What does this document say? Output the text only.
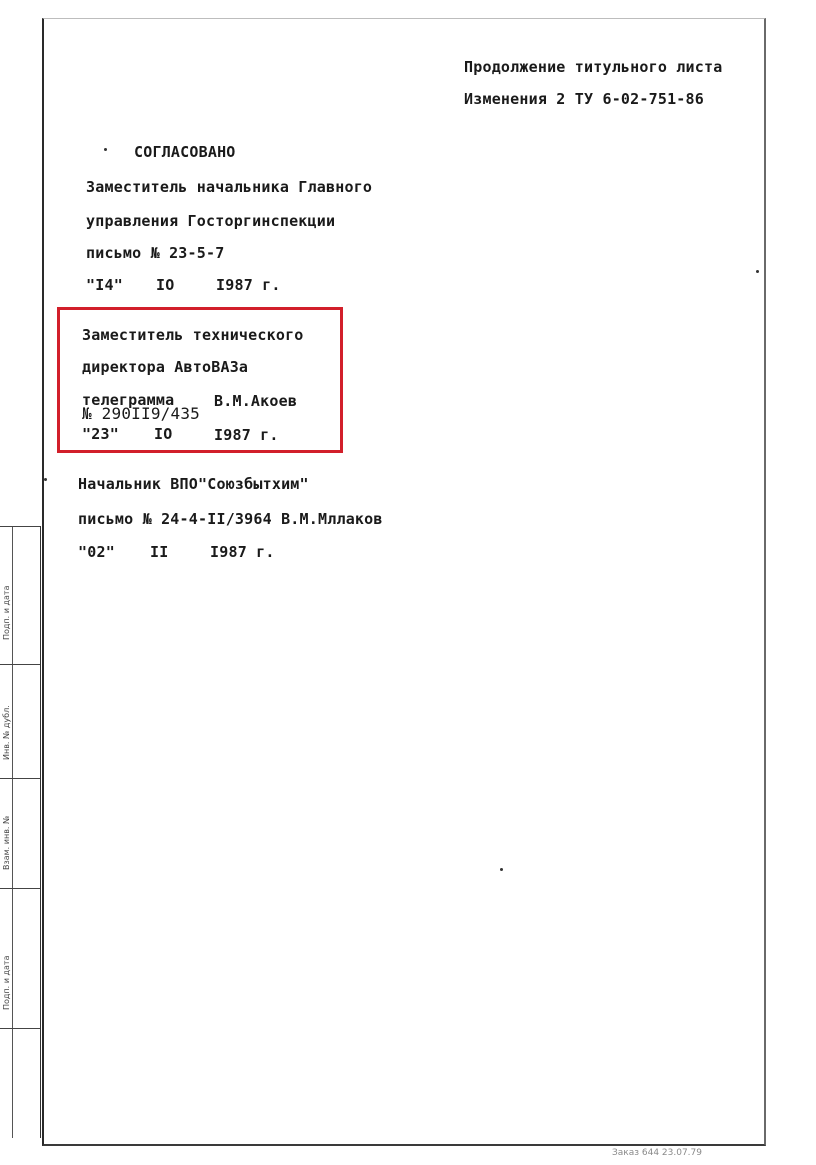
Продолжение титульного листа
Изменения 2 ТУ 6-02-751-86
СОГЛАСОВАНО
Заместитель начальника Главного
управления Госторгинспекции
письмо № 23-5-7
"I4" IO	I987 г.
Заместитель технического
директора АвтоВАЗа
телеграмма	В.М.Акоев
№ 290II9/435
"23" IO	I987 г.
Начальник ВПО"Союзбытхим"
письмо № 24-4-II/3964 В.М.Мллаков
"02" II	I987 г.
Подп. и дата
Инв. № дубл.
Взам. инв. №
Подп. и дата
Заказ 644 23.07.79
